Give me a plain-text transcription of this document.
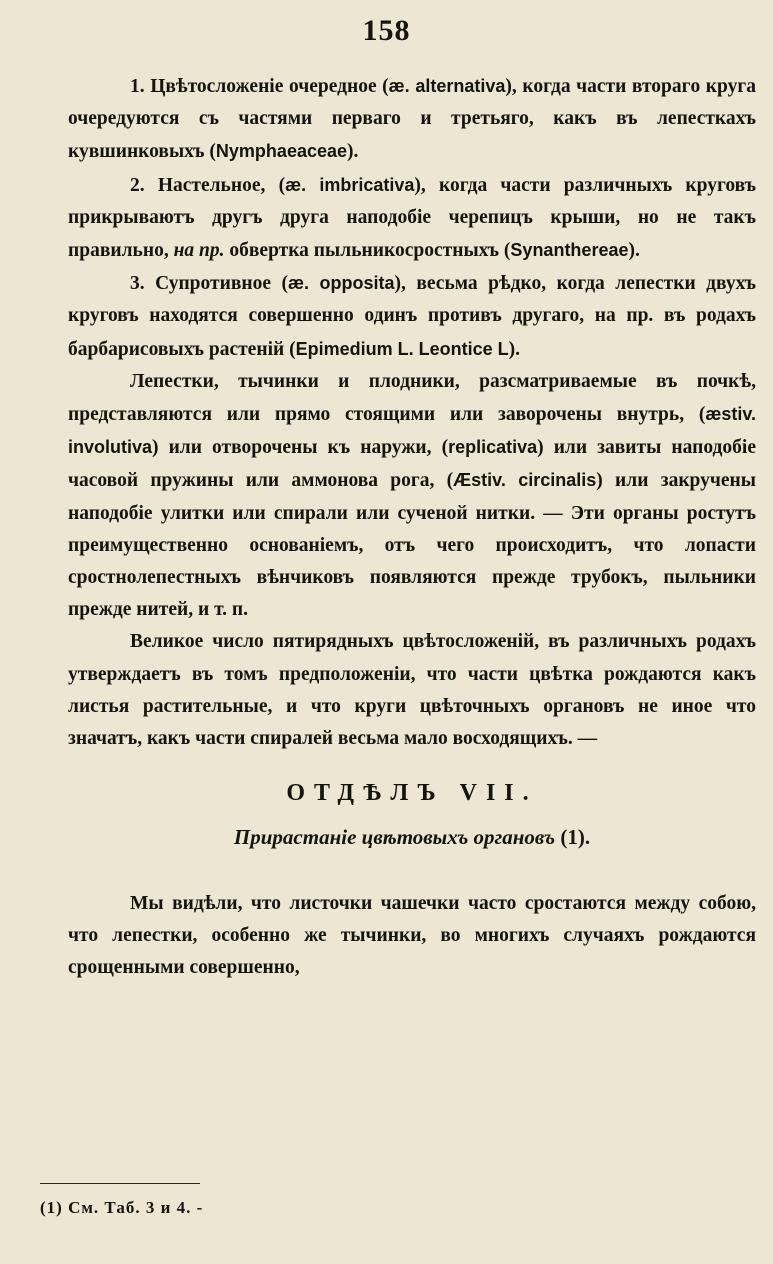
158

1. Цвѣтосложенiе очередное (æ. alternativa), когда части вторагo круга очередуются съ частями перваго и третьяго, какъ въ лепесткахъ кувшинковыхъ (Nymphaeaceae).

2. Настельное, (æ. imbricativa), когда части различныхъ круговъ прикрываютъ другъ друга наподобiе черепицъ крыши, но не такъ правильно, на пр. обвертка пыльникосростныхъ (Synanthereae).

3. Супротивное (æ. opposita), весьма рѣдко, когда лепестки двухъ круговъ находятся совершенно одинъ противъ другаго, на пр. въ родахъ барбарисовыхъ растенiй (Epimedium L. Leontice L).

Лепестки, тычинки и плодники, разсматриваемые въ почкѣ, представляются или прямо стоящими или заворочены внутрь, (æstiv. involutiva) или отворочены къ наружи, (replicativa) или завиты наподобiе часовой пружины или аммонова рога, (Æstiv. circinalis) или закручены наподобiе улитки или спирали или сученой нитки. — Эти органы ростутъ преимущественно основанiемъ, отъ чего происходитъ, что лопасти сростнолепестныхъ вѣнчиковъ появляются прежде трубокъ, пыльники прежде нитей, и т. п.

Великое число пятирядныхъ цвѣтосложенiй, въ различныхъ родахъ утверждаетъ въ томъ предположенiи, что части цвѣтка рождаются какъ листья растительные, и что круги цвѣточныхъ органовъ не иное что значатъ, какъ части спиралей весьма мало восходящихъ. —

ОТДѢЛЪ VII.
Прирастанiе цвѣтовыхъ органовъ (1).

Мы видѣли, что листочки чашечки часто сростаются между собою, что лепестки, особенно же тычинки, во многихъ случаяхъ рождаются срощенными совершенно,

(1) См. Таб. 3 и 4. -
